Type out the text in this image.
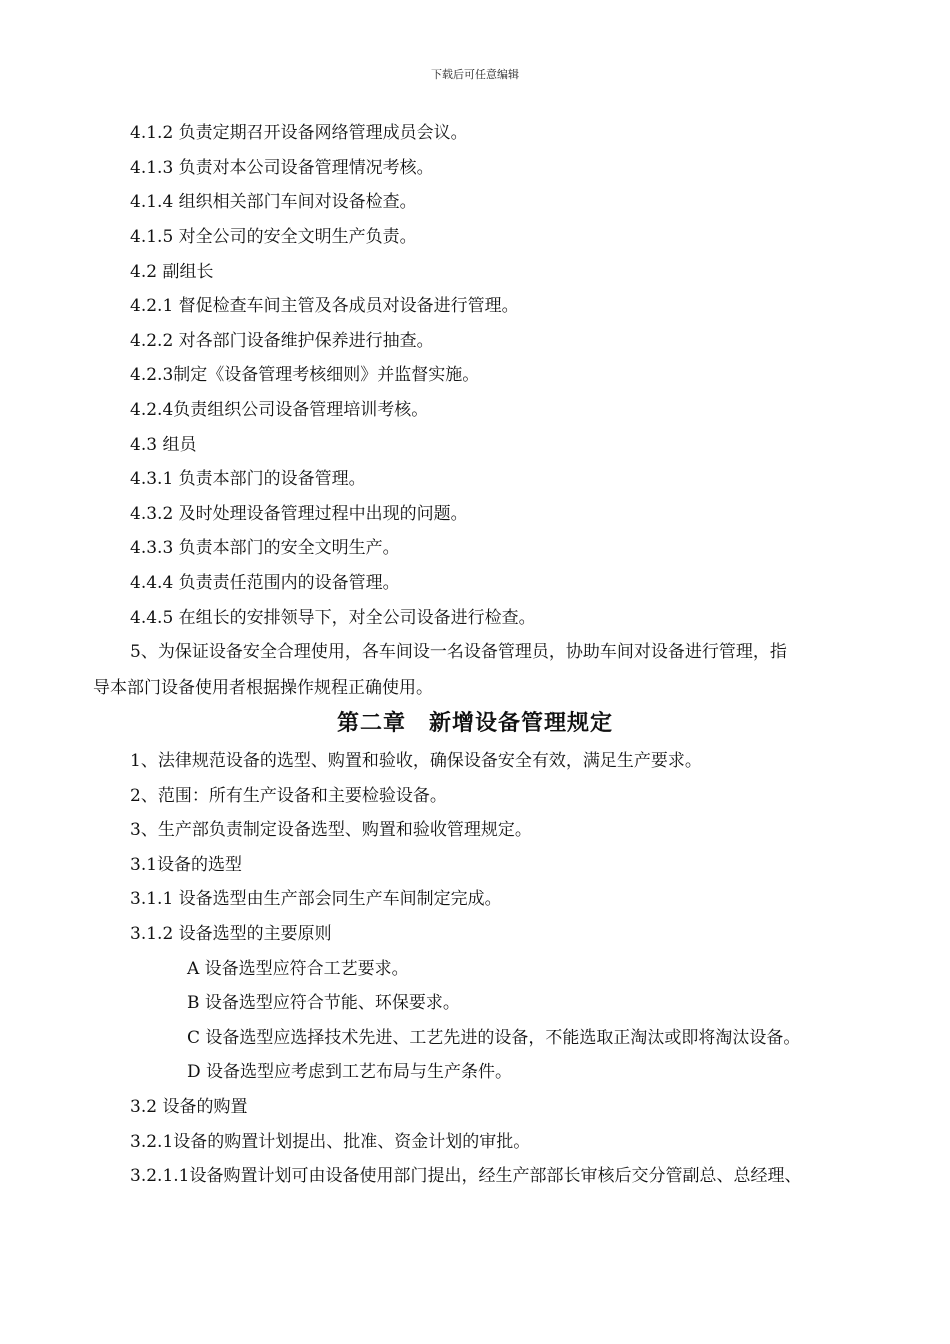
下载后可任意编辑
4.1.2 负责定期召开设备网络管理成员会议。
4.1.3 负责对本公司设备管理情况考核。
4.1.4 组织相关部门车间对设备检查。
4.1.5 对全公司的安全文明生产负责。
4.2 副组长
4.2.1 督促检查车间主管及各成员对设备进行管理。
4.2.2 对各部门设备维护保养进行抽查。
4.2.3制定《设备管理考核细则》并监督实施。
4.2.4负责组织公司设备管理培训考核。
4.3 组员
4.3.1 负责本部门的设备管理。
4.3.2 及时处理设备管理过程中出现的问题。
4.3.3 负责本部门的安全文明生产。
4.4.4 负责责任范围内的设备管理。
4.4.5 在组长的安排领导下，对全公司设备进行检查。
5、为保证设备安全合理使用，各车间设一名设备管理员，协助车间对设备进行管理，指
导本部门设备使用者根据操作规程正确使用。
第二章　新增设备管理规定
1、法律规范设备的选型、购置和验收，确保设备安全有效，满足生产要求。
2、范围：所有生产设备和主要检验设备。
3、生产部负责制定设备选型、购置和验收管理规定。
3.1设备的选型
3.1.1 设备选型由生产部会同生产车间制定完成。
3.1.2 设备选型的主要原则
A 设备选型应符合工艺要求。
B 设备选型应符合节能、环保要求。
C 设备选型应选择技术先进、工艺先进的设备，不能选取正淘汰或即将淘汰设备。
D 设备选型应考虑到工艺布局与生产条件。
3.2 设备的购置
3.2.1设备的购置计划提出、批准、资金计划的审批。
3.2.1.1设备购置计划可由设备使用部门提出，经生产部部长审核后交分管副总、总经理、
